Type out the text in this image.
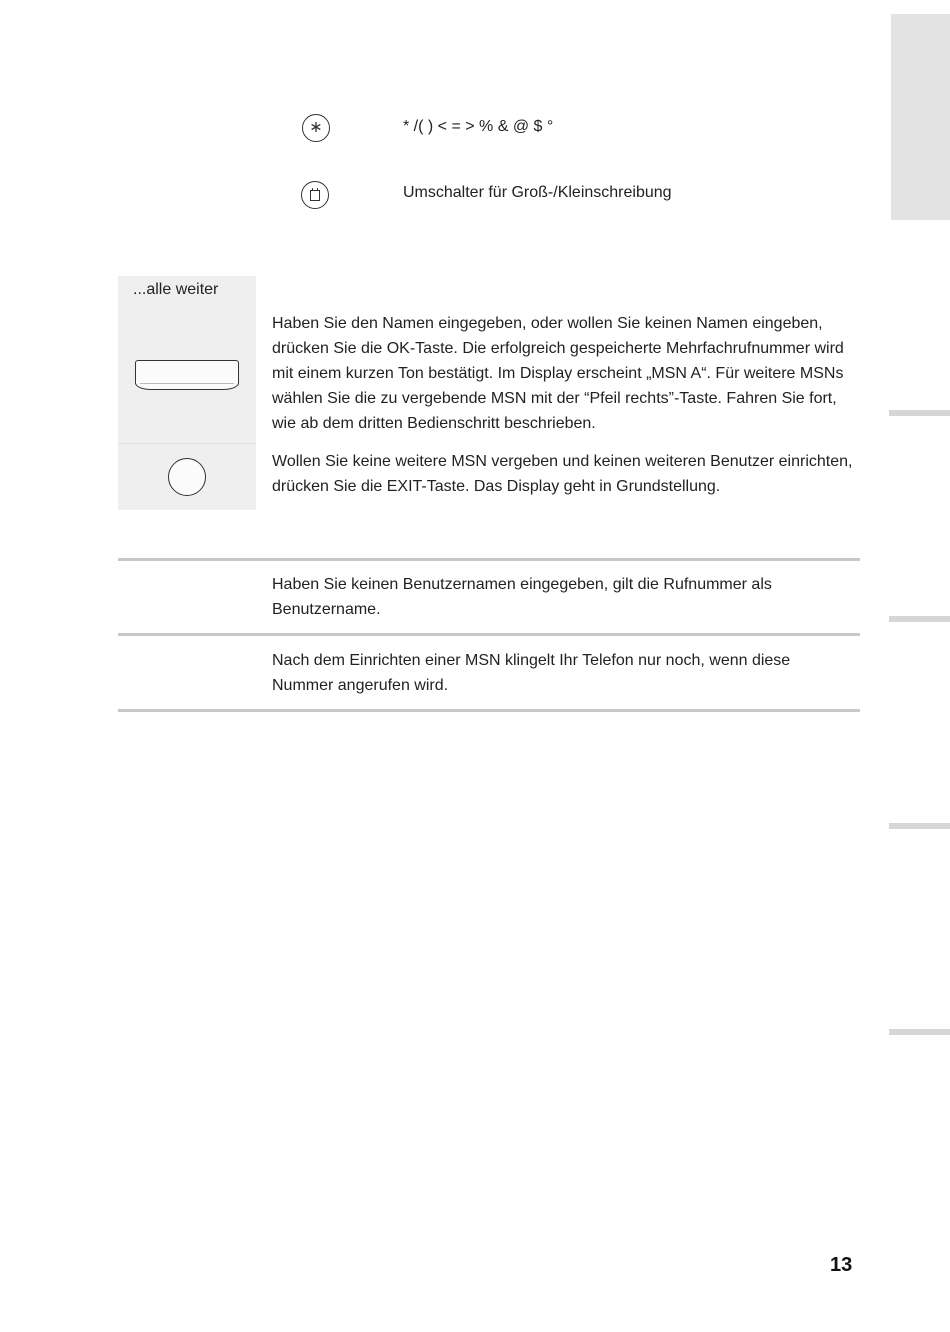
∗	* /( ) < = > % & @ $ °
Umschalter für Groß-/Kleinschreibung
...alle weiter
Haben Sie den Namen eingegeben, oder wollen Sie keinen Namen eingeben, drücken Sie die OK-Taste. Die erfolgreich gespeicherte Mehrfachrufnummer wird mit einem kurzen Ton bestätigt. Im Display erscheint „MSN A“. Für weitere MSNs wählen Sie die zu vergebende MSN mit der “Pfeil rechts”-Taste. Fahren Sie fort, wie ab dem dritten Bedienschritt beschrieben.
Wollen Sie keine weitere MSN vergeben und keinen weiteren Benutzer einrichten, drücken Sie die EXIT-Taste. Das Display geht in Grundstellung.
Haben Sie keinen Benutzernamen eingegeben, gilt die Rufnummer als Benutzername.
Nach dem Einrichten einer MSN klingelt Ihr Telefon nur noch, wenn diese Nummer angerufen wird.
13
